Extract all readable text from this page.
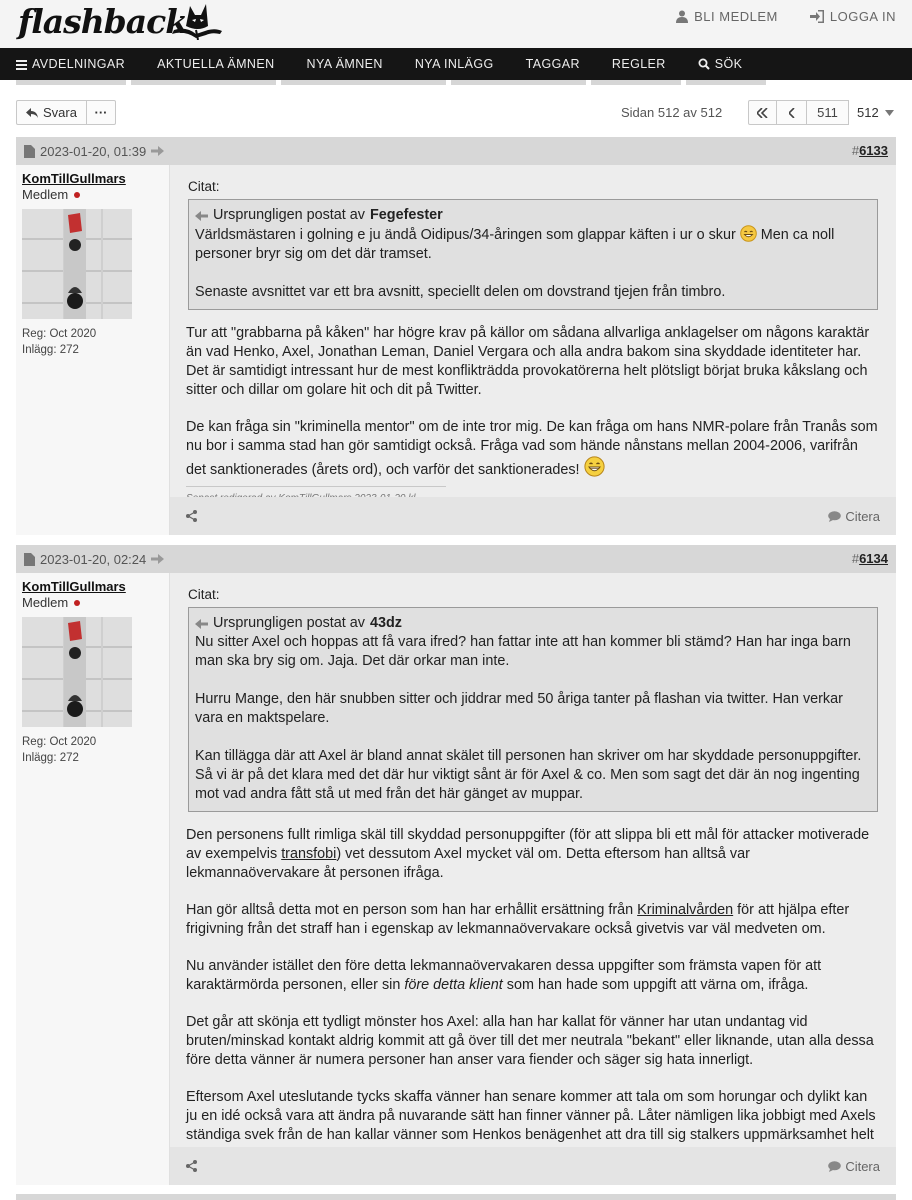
flashback	BLI MEDLEM	LOGGA IN
AVDELNINGAR	AKTUELLA ÄMNEN	NYA ÄMNEN	NYA INLÄGG	TAGGAR	REGLER	SÖK
Svara	···	Sidan 512 av 512	511	512
2023-01-20, 01:39	#6133
KomTillGullmars
Medlem
Reg: Oct 2020
Inlägg: 272
Citat:
Ursprungligen postat av Fegefester

Världsmästaren i golning e ju ändå Oidipus/34-åringen som glappar käften i ur o skur Men ca noll personer bryr sig om det där tramset.

Senaste avsnittet var ett bra avsnitt, speciellt delen om dovstrand tjejen från timbro.

Tur att "grabbarna på kåken" har högre krav på källor om sådana allvarliga anklagelser om någons karaktär än vad Henko, Axel, Jonathan Leman, Daniel Vergara och alla andra bakom sina skyddade identiteter har. Det är samtidigt intressant hur de mest konflikträdda provokatörerna helt plötsligt börjat bruka kåkslang och sitter och dillar om golare hit och dit på Twitter.

De kan fråga sin "kriminella mentor" om de inte tror mig. De kan fråga om hans NMR-polare från Tranås som nu bor i samma stad han gör samtidigt också. Fråga vad som hände nånstans mellan 2004-2006, varifrån det sanktionerades (årets ord), och varför det sanktionerades!

Citera
2023-01-20, 02:24	#6134
KomTillGullmars
Medlem
Reg: Oct 2020
Inlägg: 272
Citat:
Ursprungligen postat av 43dz

Nu sitter Axel och hoppas att få vara ifred? han fattar inte att han kommer bli stämd? Han har inga barn man ska bry sig om. Jaja. Det där orkar man inte.

Hurru Mange, den här snubben sitter och jiddrar med 50 åriga tanter på flashan via twitter. Han verkar vara en maktspelare.

Kan tillägga där att Axel är bland annat skälet till personen han skriver om har skyddade personuppgifter. Så vi är på det klara med det där hur viktigt sånt är för Axel & co. Men som sagt det där än nog ingenting mot vad andra fått stå ut med från det här gänget av muppar.

Den personens fullt rimliga skäl till skyddad personuppgifter (för att slippa bli ett mål för attacker motiverade av exempelvis transfobi) vet dessutom Axel mycket väl om. Detta eftersom han alltså var lekmannaövervakare åt personen ifråga.

Han gör alltså detta mot en person som han har erhållit ersättning från Kriminalvården för att hjälpa efter frigivning från det straff han i egenskap av lekmannaövervakare också givetvis var väl medveten om.

Nu använder istället den före detta lekmannaövervakaren dessa uppgifter som främsta vapen för att karaktärmörda personen, eller sin före detta klient som han hade som uppgift att värna om, ifråga.

Det går att skönja ett tydligt mönster hos Axel: alla han har kallat för vänner har utan undantag vid bruten/minskad kontakt aldrig kommit att gå över till det mer neutrala "bekant" eller liknande, utan alla dessa före detta vänner är numera personer han anser vara fiender och säger sig hata innerligt.

Eftersom Axel uteslutande tycks skaffa vänner han senare kommer att tala om som horungar och dylikt kan ju en idé också vara att ändra på nuvarande sätt han finner vänner på. Låter nämligen lika jobbigt med Axels ständiga svek från de han kallar vänner som Henkos benägenhet att dra till sig stalkers uppmärksamhet helt

Citera
